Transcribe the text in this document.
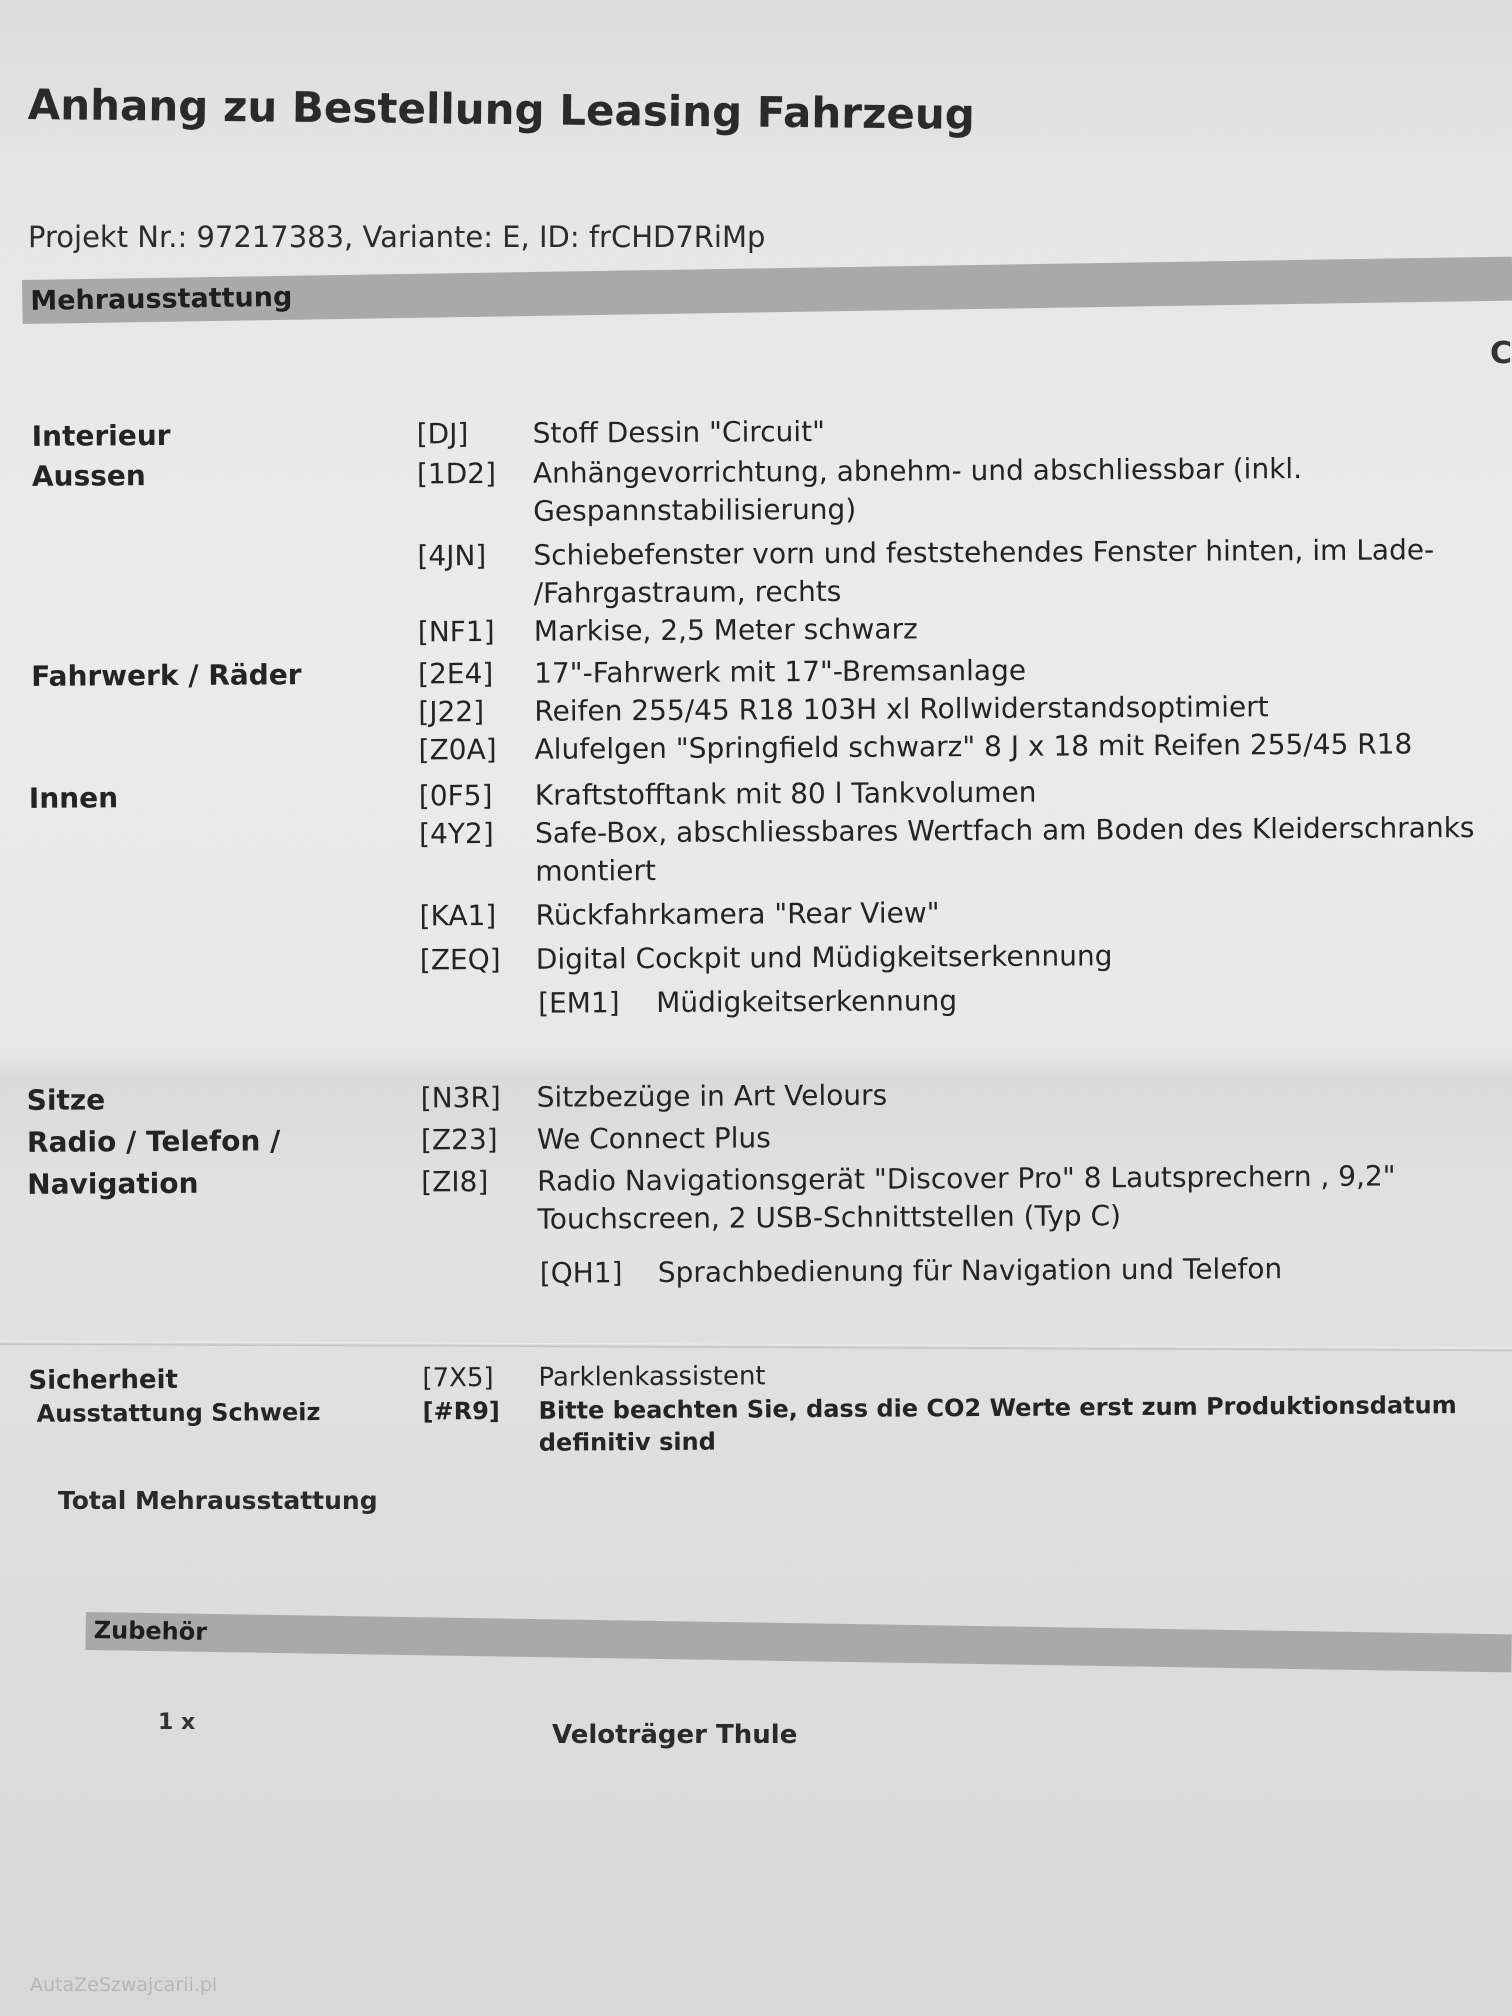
Anhang zu Bestellung Leasing Fahrzeug
Projekt Nr.: 97217383, Variante: E, ID: frCHD7RiMp
Mehrausstattung
C
Interieur	[DJ] Stoff Dessin "Circuit"
Aussen	[1D2] Anhängevorrichtung, abnehm- und abschliessbar (inkl.
Gespannstabilisierung)
[4JN] Schiebefenster vorn und feststehendes Fenster hinten, im Lade-
/Fahrgastraum, rechts
[NF1] Markise, 2,5 Meter schwarz
Fahrwerk / Räder	[2E4] 17"-Fahrwerk mit 17"-Bremsanlage
[J22] Reifen 255/45 R18 103H xl Rollwiderstandsoptimiert
[Z0A] Alufelgen "Springfield schwarz" 8 J x 18 mit Reifen 255/45 R18
Innen	[0F5] Kraftstofftank mit 80 l Tankvolumen
[4Y2] Safe-Box, abschliessbares Wertfach am Boden des Kleiderschranks
montiert
[KA1] Rückfahrkamera "Rear View"
[ZEQ] Digital Cockpit und Müdigkeitserkennung
[EM1] Müdigkeitserkennung
Sitze	[N3R] Sitzbezüge in Art Velours
Radio / Telefon /	[Z23] We Connect Plus
Navigation	[ZI8] Radio Navigationsgerät "Discover Pro" 8 Lautsprechern , 9,2"
Touchscreen, 2 USB-Schnittstellen (Typ C)
[QH1] Sprachbedienung für Navigation und Telefon
Sicherheit	[7X5] Parklenkassistent
Ausstattung Schweiz	[#R9] Bitte beachten Sie, dass die CO2 Werte erst zum Produktionsdatum
definitiv sind
Total Mehrausstattung
Zubehör
1 x	Veloträger Thule
AutaZeSzwajcarii.pl
